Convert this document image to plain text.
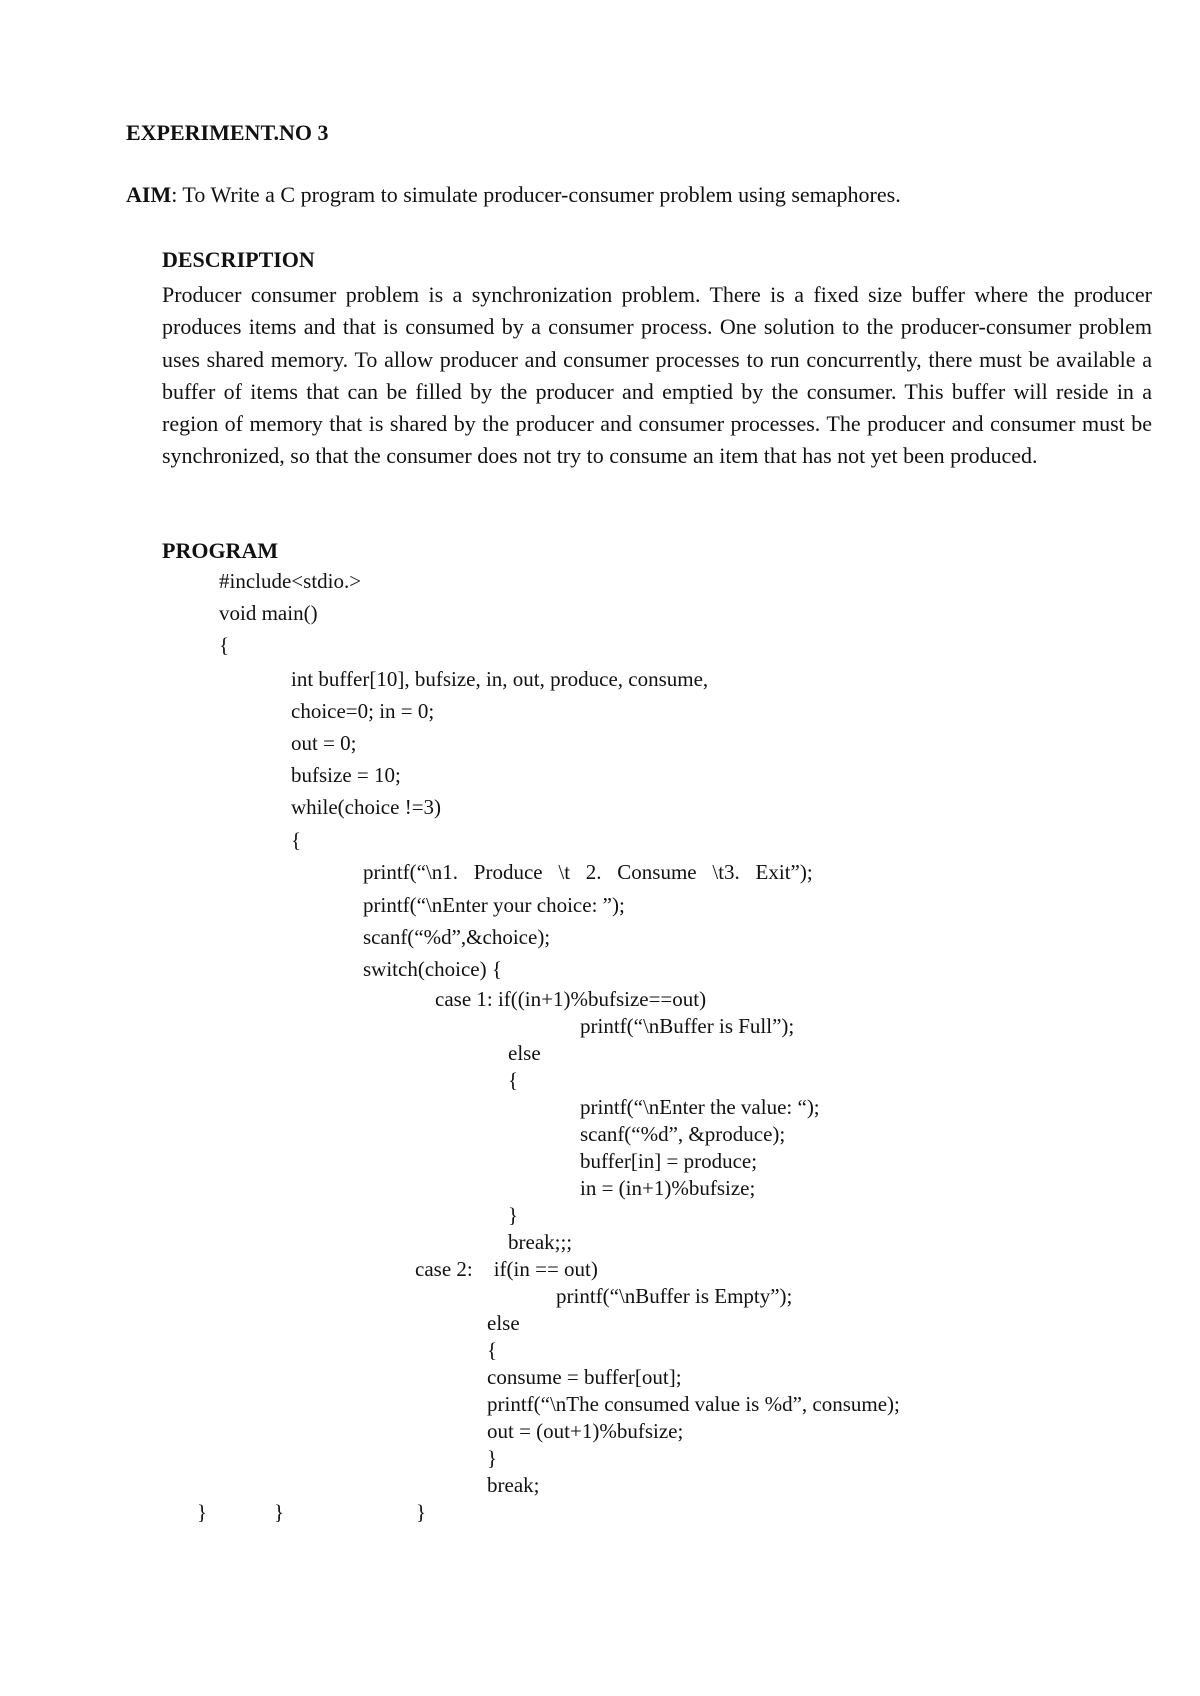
EXPERIMENT.NO 3
AIM: To Write a C program to simulate producer-consumer problem using semaphores.
DESCRIPTION

Producer consumer problem is a synchronization problem. There is a fixed size buffer where the producer produces items and that is consumed by a consumer process. One solution to the producer-consumer problem uses shared memory. To allow producer and consumer processes to run concurrently, there must be available a buffer of items that can be filled by the producer and emptied by the consumer. This buffer will reside in a region of memory that is shared by the producer and consumer processes. The producer and consumer must be synchronized, so that the consumer does not try to consume an item that has not yet been produced.

PROGRAM
#include<stdio.>
void main()
{
int buffer[10], bufsize, in, out, produce, consume,
choice=0; in = 0;
out = 0;
bufsize = 10;
while(choice !=3)
{
printf(“\n1.   Produce   \t   2.   Consume   \t3.   Exit”);
printf(“\nEnter your choice: ”);
scanf(“%d”,&choice);
switch(choice) {
case 1: if((in+1)%bufsize==out)
printf(“\nBuffer is Full”);
else
{
printf(“\nEnter the value: “);
scanf(“%d”, &produce);
buffer[in] = produce;
in = (in+1)%bufsize;
}
break;;;
case 2:    if(in == out)
printf(“\nBuffer is Empty”);
else
{
consume = buffer[out];
printf(“\nThe consumed value is %d”, consume);
out = (out+1)%bufsize;
}
break;
}	}	}
